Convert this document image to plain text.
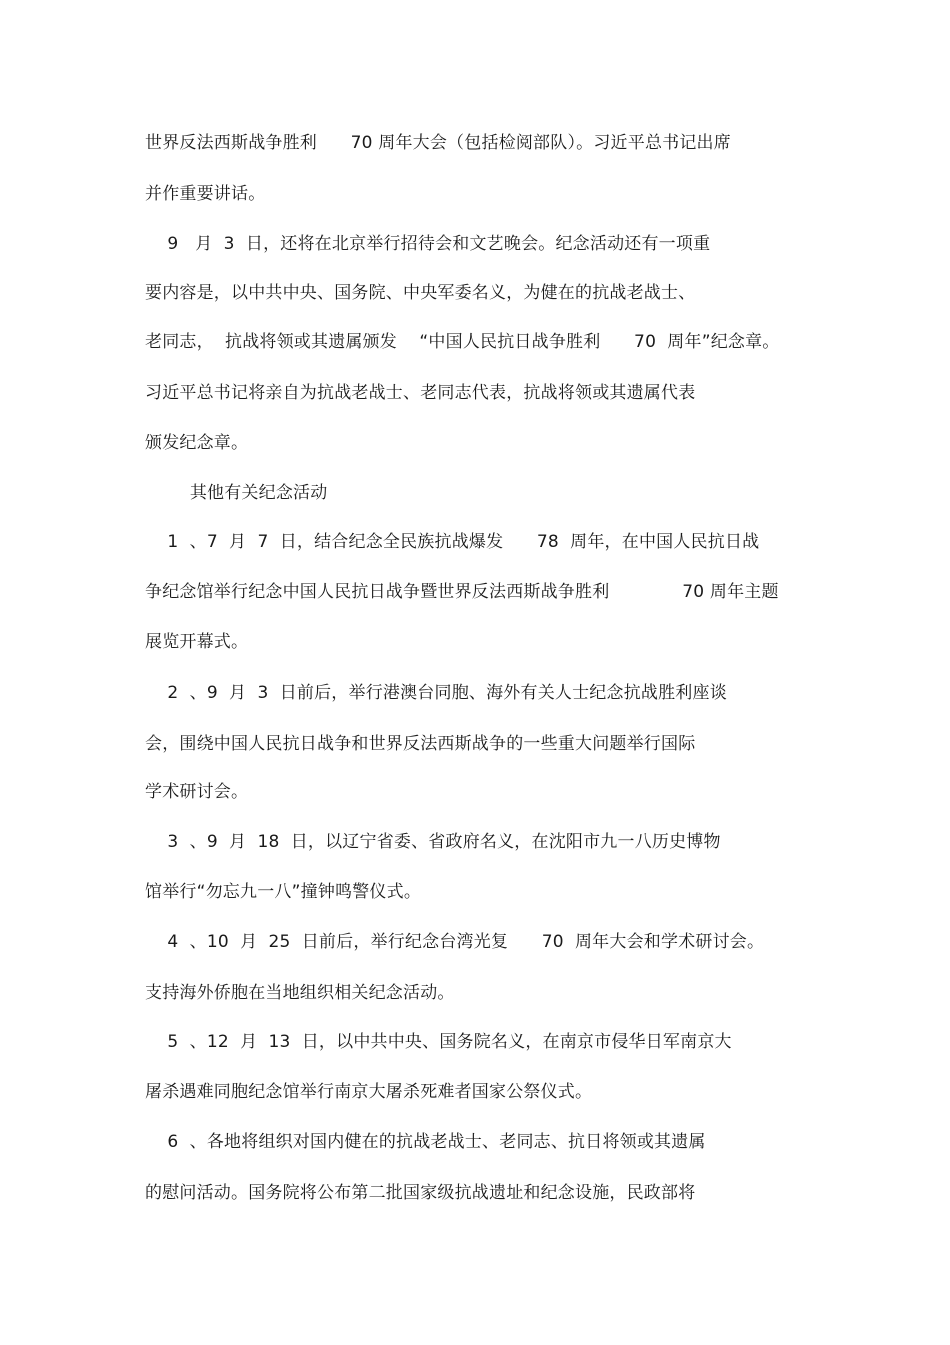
世界反法西斯战争胜利      70 周年大会（包括检阅部队）。习近平总书记出席
并作重要讲话。
9   月  3  日，还将在北京举行招待会和文艺晚会。纪念活动还有一项重
要内容是，以中共中央、国务院、中央军委名义，为健在的抗战老战士、
老同志，  抗战将领或其遗属颁发    “中国人民抗日战争胜利      70  周年”纪念章。
习近平总书记将亲自为抗战老战士、老同志代表，抗战将领或其遗属代表
颁发纪念章。
其他有关纪念活动
1  、7  月  7  日，结合纪念全民族抗战爆发      78  周年，在中国人民抗日战
争纪念馆举行纪念中国人民抗日战争暨世界反法西斯战争胜利             70 周年主题
展览开幕式。
2  、9  月  3  日前后，举行港澳台同胞、海外有关人士纪念抗战胜利座谈
会，围绕中国人民抗日战争和世界反法西斯战争的一些重大问题举行国际
学术研讨会。
3  、9  月  18  日，以辽宁省委、省政府名义，在沈阳市九一八历史博物
馆举行“勿忘九一八”撞钟鸣警仪式。
4  、10  月  25  日前后，举行纪念台湾光复      70  周年大会和学术研讨会。
支持海外侨胞在当地组织相关纪念活动。
5  、12  月  13  日，以中共中央、国务院名义，在南京市侵华日军南京大
屠杀遇难同胞纪念馆举行南京大屠杀死难者国家公祭仪式。
6  、各地将组织对国内健在的抗战老战士、老同志、抗日将领或其遗属
的慰问活动。国务院将公布第二批国家级抗战遗址和纪念设施，民政部将
